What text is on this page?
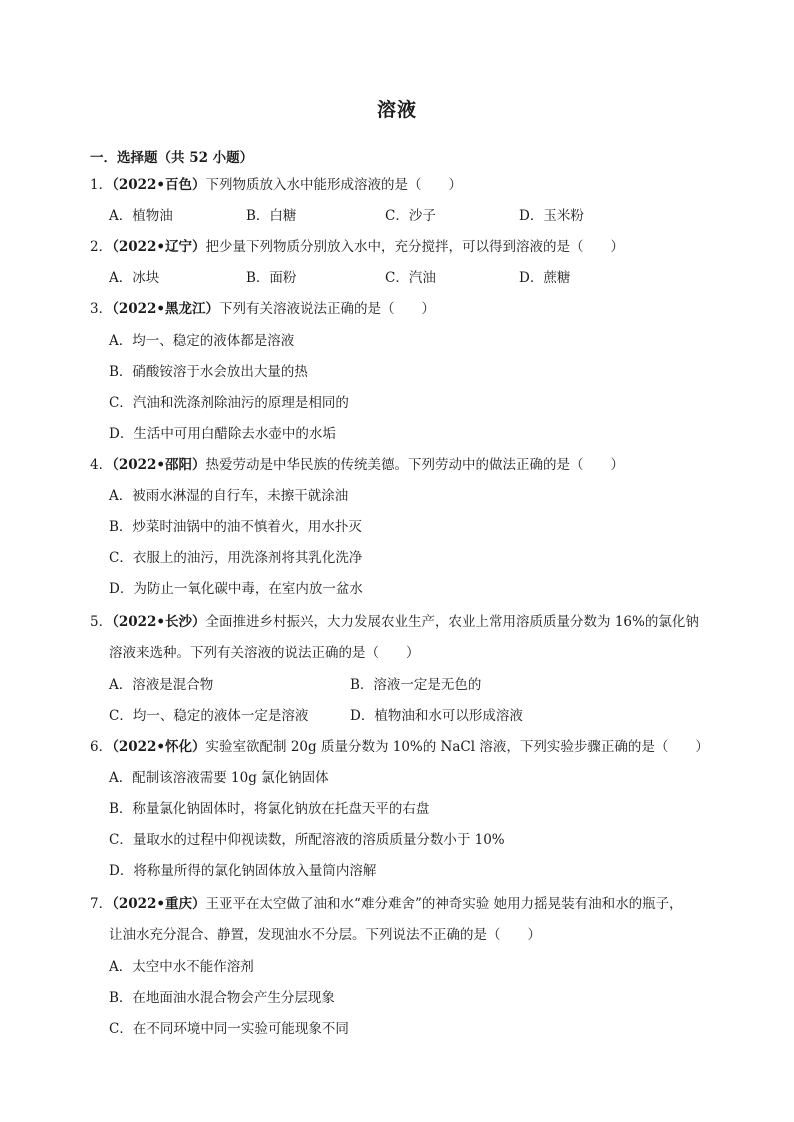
溶液
一．选择题（共 52 小题）
1．（2022•百色）下列物质放入水中能形成溶液的是（　　）
A．植物油	B．白糖	C．沙子	D．玉米粉
2．（2022•辽宁）把少量下列物质分别放入水中，充分搅拌，可以得到溶液的是（　　）
A．冰块	B．面粉	C．汽油	D．蔗糖
3．（2022•黑龙江）下列有关溶液说法正确的是（　　）
A．均一、稳定的液体都是溶液
B．硝酸铵溶于水会放出大量的热
C．汽油和洗涤剂除油污的原理是相同的
D．生活中可用白醋除去水壶中的水垢
4．（2022•邵阳）热爱劳动是中华民族的传统美德。下列劳动中的做法正确的是（　　）
A．被雨水淋湿的自行车，未擦干就涂油
B．炒菜时油锅中的油不慎着火，用水扑灭
C．衣服上的油污，用洗涤剂将其乳化洗净
D．为防止一氧化碳中毒，在室内放一盆水
5．（2022•长沙）全面推进乡村振兴，大力发展农业生产，农业上常用溶质质量分数为 16%的氯化钠
溶液来选种。下列有关溶液的说法正确的是（　　）
A．溶液是混合物	B．溶液一定是无色的
C．均一、稳定的液体一定是溶液	D．植物油和水可以形成溶液
6．（2022•怀化）实验室欲配制 20g 质量分数为 10%的 NaCl 溶液，下列实验步骤正确的是（　　）
A．配制该溶液需要 10g 氯化钠固体
B．称量氯化钠固体时，将氯化钠放在托盘天平的右盘
C．量取水的过程中仰视读数，所配溶液的溶质质量分数小于 10%
D．将称量所得的氯化钠固体放入量筒内溶解
7．（2022•重庆）王亚平在太空做了油和水“难分难舍”的神奇实验 她用力摇晃装有油和水的瓶子，
让油水充分混合、静置，发现油水不分层。下列说法不正确的是（　　）
A．太空中水不能作溶剂
B．在地面油水混合物会产生分层现象
C．在不同环境中同一实验可能现象不同
